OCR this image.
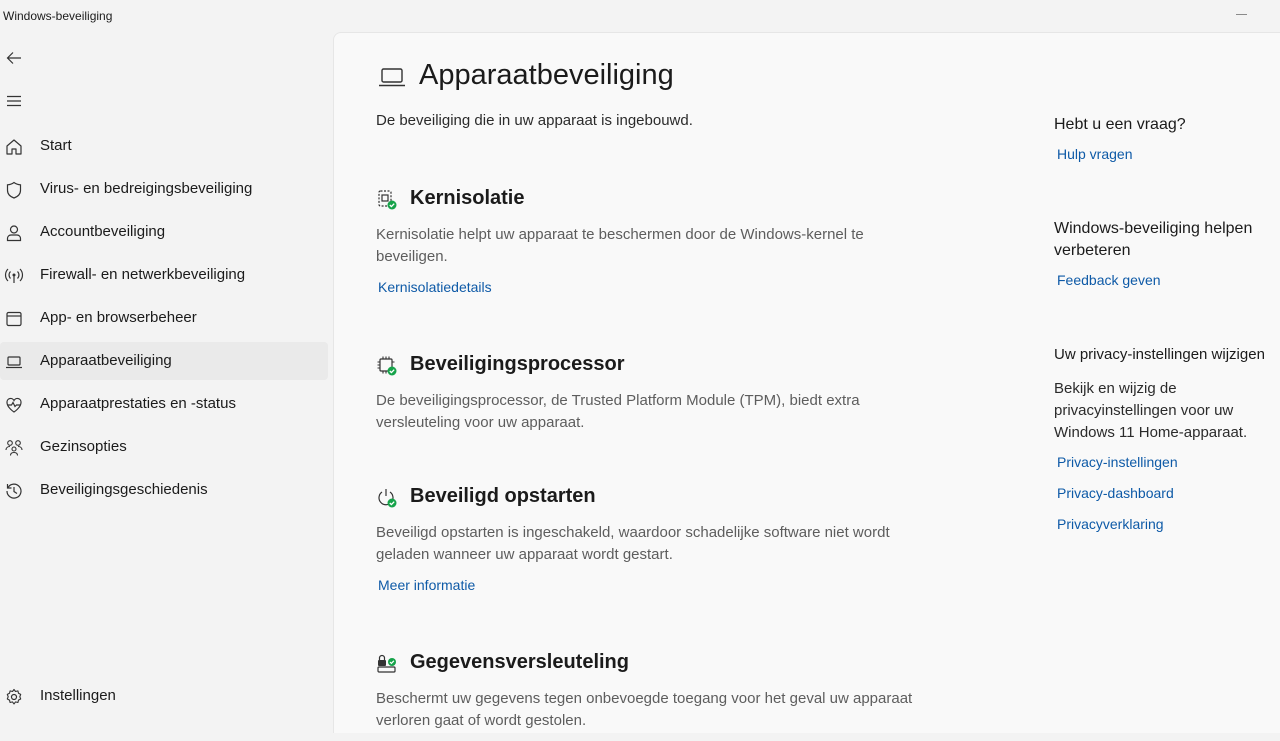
Windows-beveiliging
Start
Virus- en bedreigingsbeveiliging
Accountbeveiliging
Firewall- en netwerkbeveiliging
App- en browserbeheer
Apparaatbeveiliging
Apparaatprestaties en -status
Gezinsopties
Beveiligingsgeschiedenis
Instellingen
Apparaatbeveiliging
De beveiliging die in uw apparaat is ingebouwd.
Kernisolatie
Kernisolatie helpt uw apparaat te beschermen door de Windows-kernel te beveiligen.
Kernisolatiedetails
Beveiligingsprocessor
De beveiligingsprocessor, de Trusted Platform Module (TPM), biedt extra versleuteling voor uw apparaat.
Beveiligd opstarten
Beveiligd opstarten is ingeschakeld, waardoor schadelijke software niet wordt geladen wanneer uw apparaat wordt gestart.
Meer informatie
Gegevensversleuteling
Beschermt uw gegevens tegen onbevoegde toegang voor het geval uw apparaat verloren gaat of wordt gestolen.
Hebt u een vraag?
Hulp vragen
Windows-beveiliging helpen verbeteren
Feedback geven
Uw privacy-instellingen wijzigen
Bekijk en wijzig de privacyinstellingen voor uw Windows 11 Home-apparaat.
Privacy-instellingen
Privacy-dashboard
Privacyverklaring
